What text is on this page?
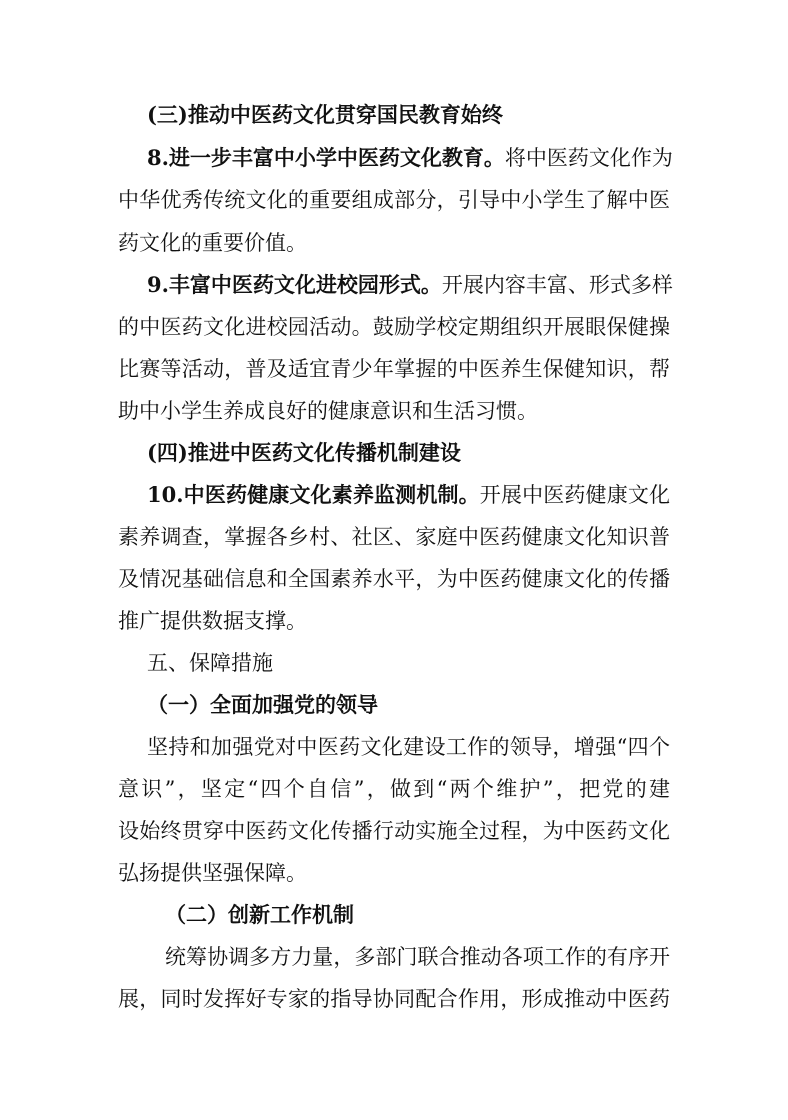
(三)推动中医药文化贯穿国民教育始终
8.进一步丰富中小学中医药文化教育。将中医药文化作为
中华优秀传统文化的重要组成部分，引导中小学生了解中医
药文化的重要价值。
9.丰富中医药文化进校园形式。开展内容丰富、形式多样
的中医药文化进校园活动。鼓励学校定期组织开展眼保健操
比赛等活动，普及适宜青少年掌握的中医养生保健知识，帮
助中小学生养成良好的健康意识和生活习惯。
(四)推进中医药文化传播机制建设
10.中医药健康文化素养监测机制。开展中医药健康文化
素养调查，掌握各乡村、社区、家庭中医药健康文化知识普
及情况基础信息和全国素养水平，为中医药健康文化的传播
推广提供数据支撑。
五、保障措施
（一）全面加强党的领导
坚持和加强党对中医药文化建设工作的领导，增强“四个
意识”，坚定“四个自信”，做到“两个维护”，把党的建
设始终贯穿中医药文化传播行动实施全过程，为中医药文化
弘扬提供坚强保障。
（二）创新工作机制
统筹协调多方力量，多部门联合推动各项工作的有序开
展，同时发挥好专家的指导协同配合作用，形成推动中医药
